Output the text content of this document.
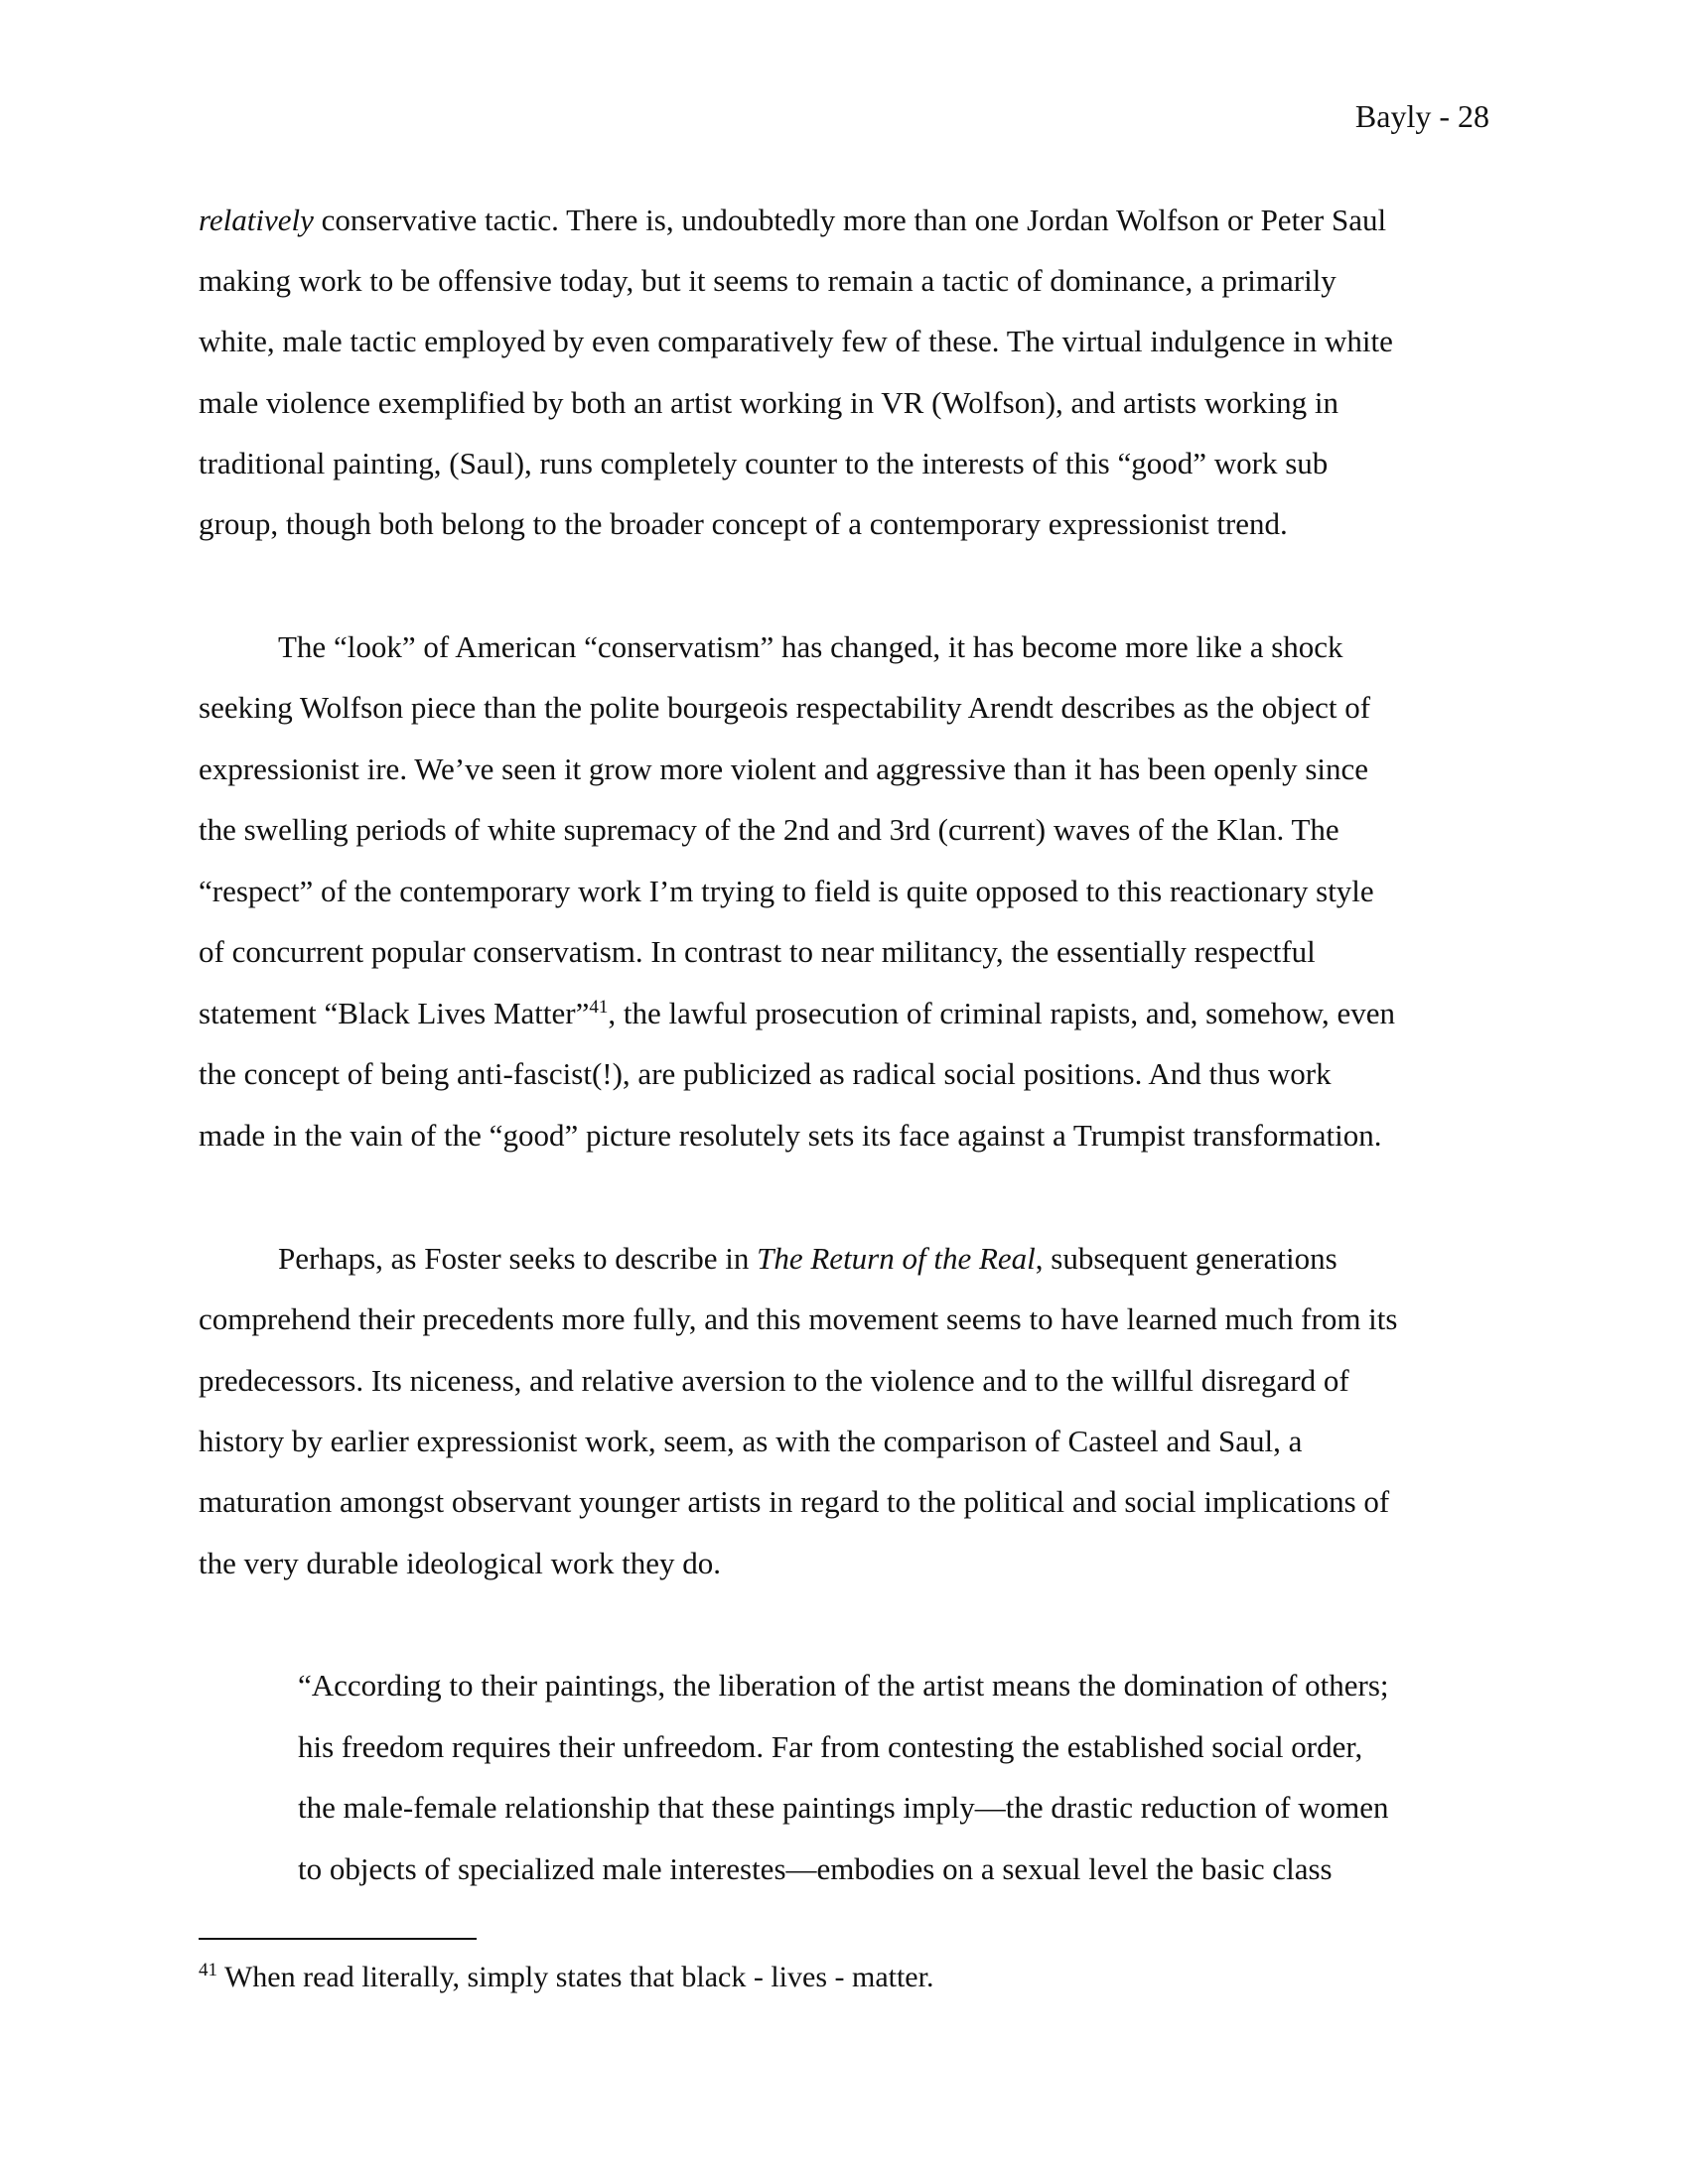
Bayly - 28
relatively conservative tactic. There is, undoubtedly more than one Jordan Wolfson or Peter Saul
making work to be offensive today, but it seems to remain a tactic of dominance, a primarily
white, male tactic employed by even comparatively few of these. The virtual indulgence in white
male violence exemplified by both an artist working in VR (Wolfson), and artists working in
traditional painting, (Saul), runs completely counter to the interests of this “good” work sub
group, though both belong to the broader concept of a contemporary expressionist trend.
The “look” of American “conservatism” has changed, it has become more like a shock
seeking Wolfson piece than the polite bourgeois respectability Arendt describes as the object of
expressionist ire. We’ve seen it grow more violent and aggressive than it has been openly since
the swelling periods of white supremacy of the 2nd and 3rd (current) waves of the Klan. The
“respect” of the contemporary work I’m trying to field is quite opposed to this reactionary style
of concurrent popular conservatism. In contrast to near militancy, the essentially respectful
statement “Black Lives Matter”$^{41}$, the lawful prosecution of criminal rapists, and, somehow, even
the concept of being anti-fascist(!), are publicized as radical social positions. And thus work
made in the vain of the “good” picture resolutely sets its face against a Trumpist transformation.
Perhaps, as Foster seeks to describe in The Return of the Real, subsequent generations
comprehend their precedents more fully, and this movement seems to have learned much from its
predecessors. Its niceness, and relative aversion to the violence and to the willful disregard of
history by earlier expressionist work, seem, as with the comparison of Casteel and Saul, a
maturation amongst observant younger artists in regard to the political and social implications of
the very durable ideological work they do.
“According to their paintings, the liberation of the artist means the domination of others;
his freedom requires their unfreedom. Far from contesting the established social order,
the male-female relationship that these paintings imply—the drastic reduction of women
to objects of specialized male interestes—embodies on a sexual level the basic class
$^{41}$ When read literally, simply states that black - lives - matter.
